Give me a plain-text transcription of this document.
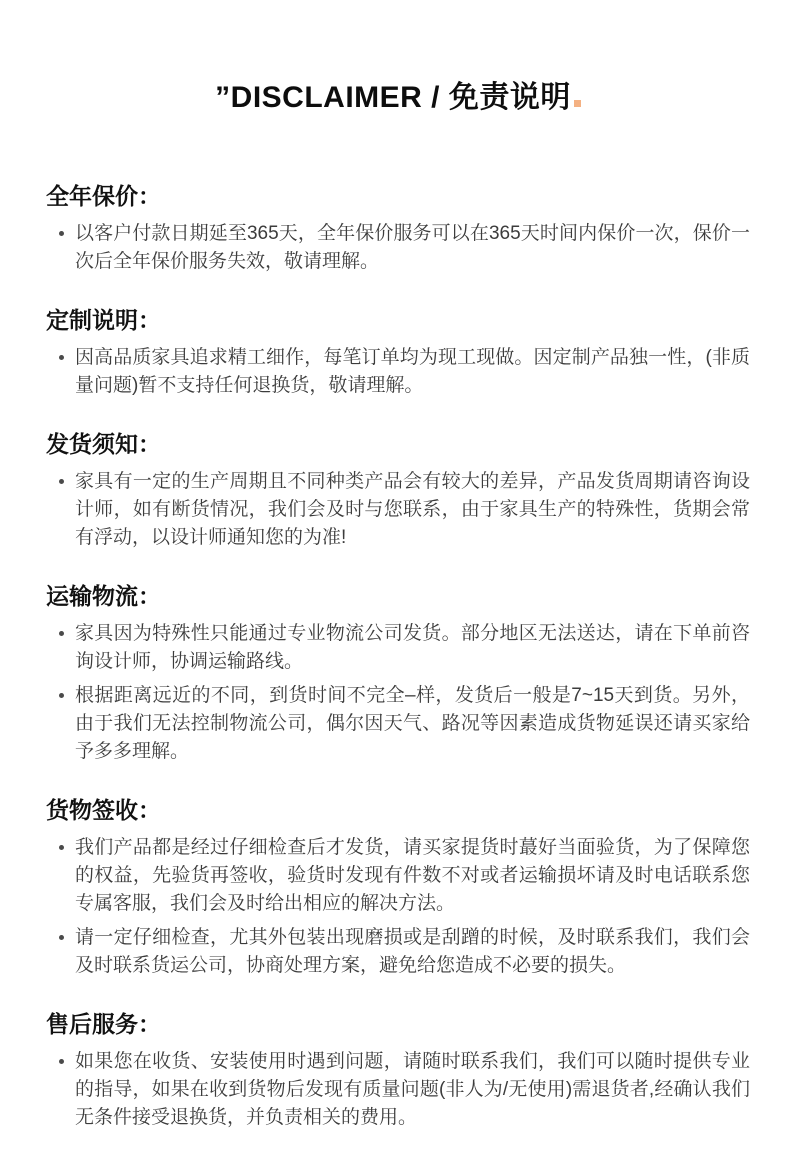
”DISCLAIMER / 免责说明
全年保价：
以客户付款日期延至365天，全年保价服务可以在365天时间内保价一次，保价一次后全年保价服务失效，敬请理解。
定制说明：
因高品质家具追求精工细作，每笔订单均为现工现做。因定制产品独一性，(非质量问题)暂不支持任何退换货，敬请理解。
发货须知：
家具有一定的生产周期且不同种类产品会有较大的差异，产品发货周期请咨询设计师，如有断货情况，我们会及时与您联系，由于家具生产的特殊性，货期会常有浮动，以设计师通知您的为准!
运输物流：
家具因为特殊性只能通过专业物流公司发货。部分地区无法送达，请在下单前咨询设计师，协调运输路线。
根据距离远近的不同，到货时间不完全–样，发货后一般是7~15天到货。另外，由于我们无法控制物流公司，偶尔因天气、路况等因素造成货物延误还请买家给予多多理解。
货物签收：
我们产品都是经过仔细检查后才发货，请买家提货时蕞好当面验货，为了保障您的权益，先验货再签收，验货时发现有件数不对或者运输损坏请及时电话联系您专属客服，我们会及时给出相应的解决方法。
请一定仔细检查，尤其外包装出现磨损或是刮蹭的时候，及时联系我们，我们会及时联系货运公司，协商处理方案，避免给您造成不必要的损失。
售后服务：
如果您在收货、安装使用时遇到问题，请随时联系我们，我们可以随时提供专业的指导，如果在收到货物后发现有质量问题(非人为/无使用)需退货者,经确认我们无条件接受退换货，并负责相关的费用。
